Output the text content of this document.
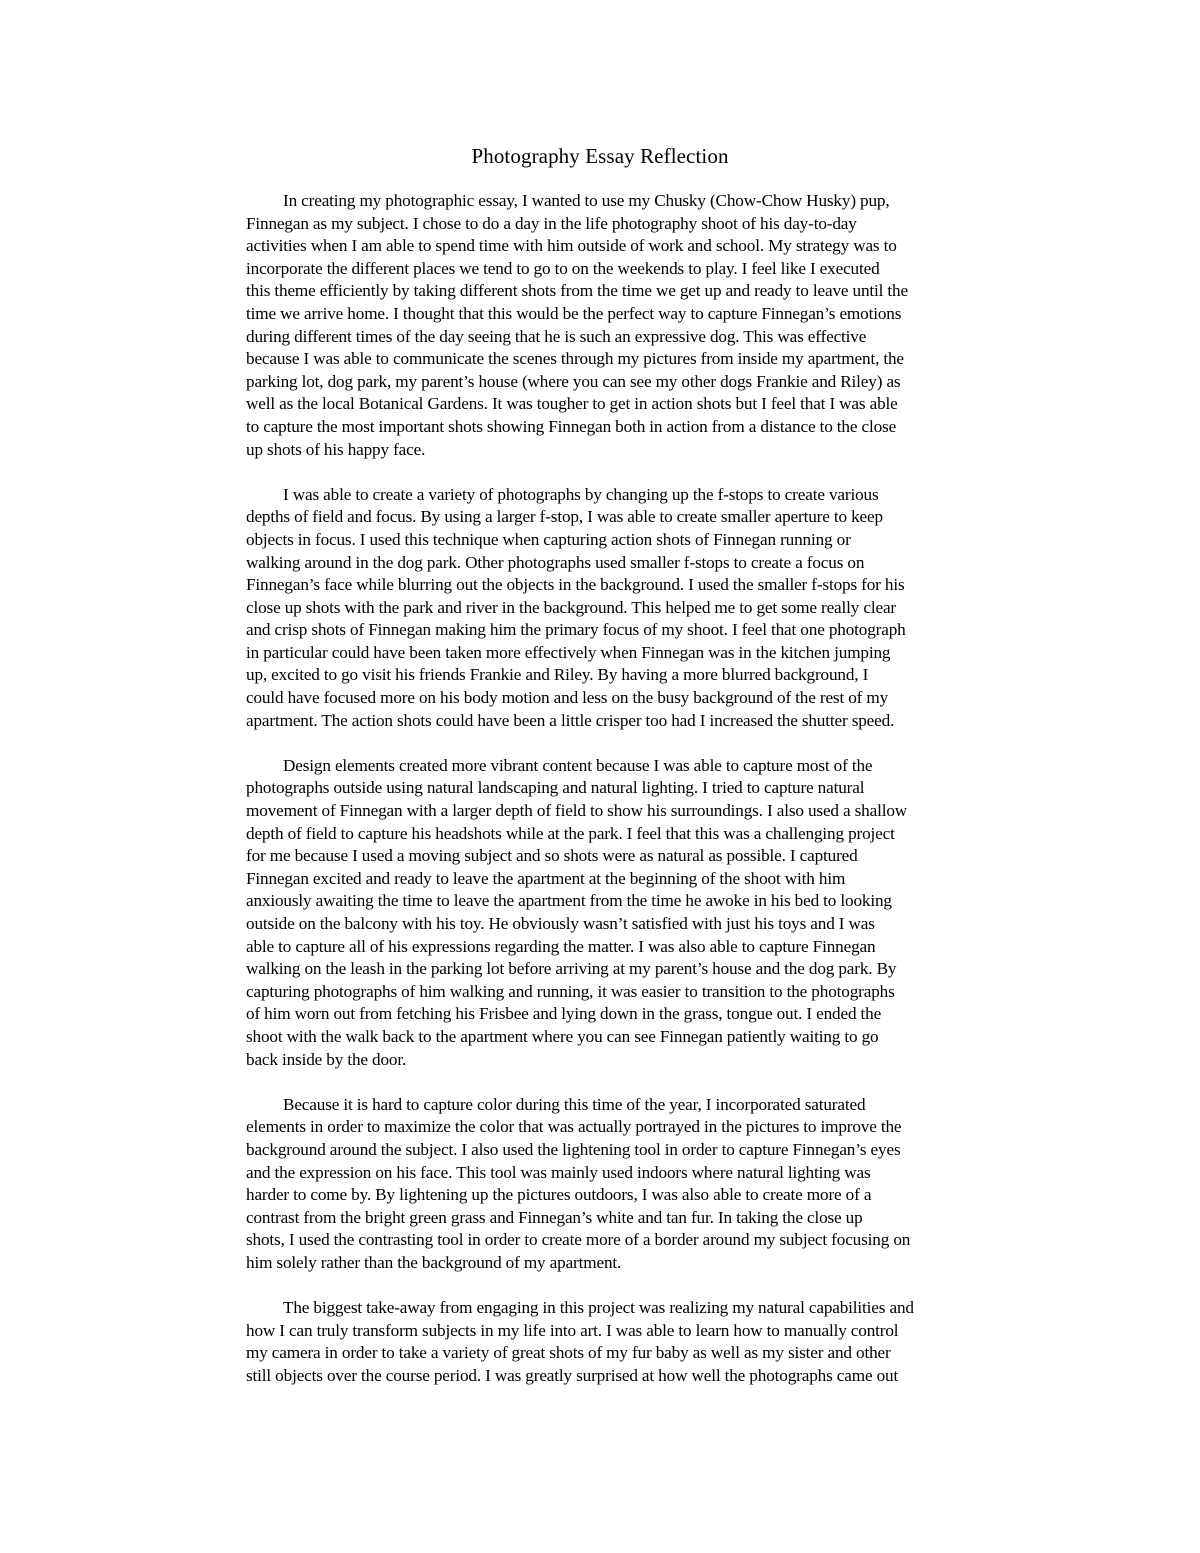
Photography Essay Reflection
In creating my photographic essay, I wanted to use my Chusky (Chow-Chow Husky) pup,
Finnegan as my subject. I chose to do a day in the life photography shoot of his day-to-day
activities when I am able to spend time with him outside of work and school. My strategy was to
incorporate the different places we tend to go to on the weekends to play. I feel like I executed
this theme efficiently by taking different shots from the time we get up and ready to leave until the
time we arrive home. I thought that this would be the perfect way to capture Finnegan’s emotions
during different times of the day seeing that he is such an expressive dog. This was effective
because I was able to communicate the scenes through my pictures from inside my apartment, the
parking lot, dog park, my parent’s house (where you can see my other dogs Frankie and Riley) as
well as the local Botanical Gardens. It was tougher to get in action shots but I feel that I was able
to capture the most important shots showing Finnegan both in action from a distance to the close
up shots of his happy face.
I was able to create a variety of photographs by changing up the f-stops to create various
depths of field and focus. By using a larger f-stop, I was able to create smaller aperture to keep
objects in focus. I used this technique when capturing action shots of Finnegan running or
walking around in the dog park. Other photographs used smaller f-stops to create a focus on
Finnegan’s face while blurring out the objects in the background. I used the smaller f-stops for his
close up shots with the park and river in the background. This helped me to get some really clear
and crisp shots of Finnegan making him the primary focus of my shoot. I feel that one photograph
in particular could have been taken more effectively when Finnegan was in the kitchen jumping
up, excited to go visit his friends Frankie and Riley. By having a more blurred background, I
could have focused more on his body motion and less on the busy background of the rest of my
apartment. The action shots could have been a little crisper too had I increased the shutter speed.
Design elements created more vibrant content because I was able to capture most of the
photographs outside using natural landscaping and natural lighting. I tried to capture natural
movement of Finnegan with a larger depth of field to show his surroundings. I also used a shallow
depth of field to capture his headshots while at the park. I feel that this was a challenging project
for me because I used a moving subject and so shots were as natural as possible. I captured
Finnegan excited and ready to leave the apartment at the beginning of the shoot with him
anxiously awaiting the time to leave the apartment from the time he awoke in his bed to looking
outside on the balcony with his toy. He obviously wasn’t satisfied with just his toys and I was
able to capture all of his expressions regarding the matter. I was also able to capture Finnegan
walking on the leash in the parking lot before arriving at my parent’s house and the dog park. By
capturing photographs of him walking and running, it was easier to transition to the photographs
of him worn out from fetching his Frisbee and lying down in the grass, tongue out. I ended the
shoot with the walk back to the apartment where you can see Finnegan patiently waiting to go
back inside by the door.
Because it is hard to capture color during this time of the year, I incorporated saturated
elements in order to maximize the color that was actually portrayed in the pictures to improve the
background around the subject. I also used the lightening tool in order to capture Finnegan’s eyes
and the expression on his face. This tool was mainly used indoors where natural lighting was
harder to come by. By lightening up the pictures outdoors, I was also able to create more of a
contrast from the bright green grass and Finnegan’s white and tan fur. In taking the close up
shots, I used the contrasting tool in order to create more of a border around my subject focusing on
him solely rather than the background of my apartment.
The biggest take-away from engaging in this project was realizing my natural capabilities and
how I can truly transform subjects in my life into art. I was able to learn how to manually control
my camera in order to take a variety of great shots of my fur baby as well as my sister and other
still objects over the course period. I was greatly surprised at how well the photographs came out
